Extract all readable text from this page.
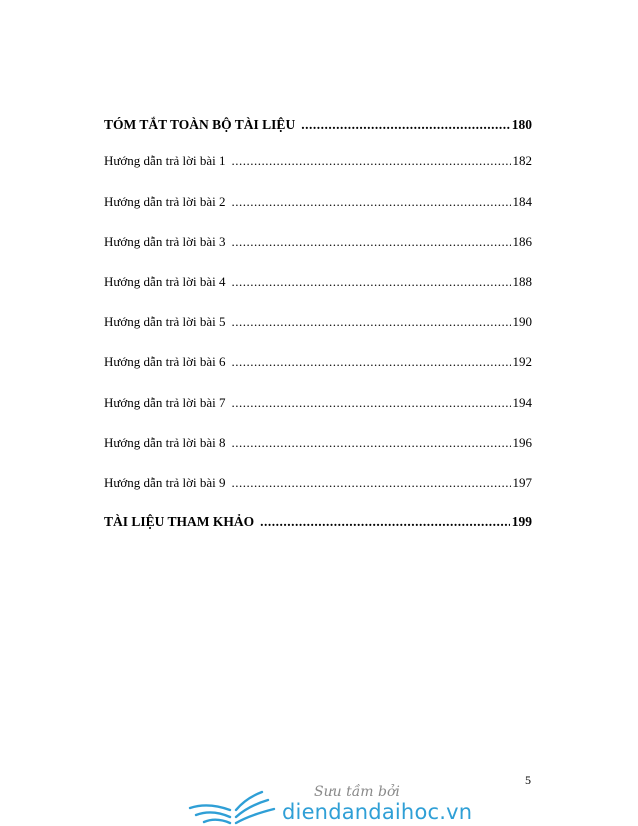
TÓM TẮT TOÀN BỘ TÀI LIỆU .....	180
Hướng dẫn trả lời bài 1 .....	182
Hướng dẫn trả lời bài 2 .....	184
Hướng dẫn trả lời bài 3 .....	186
Hướng dẫn trả lời bài 4 .....	188
Hướng dẫn trả lời bài 5 .....	190
Hướng dẫn trả lời bài 6 .....	192
Hướng dẫn trả lời bài 7 .....	194
Hướng dẫn trả lời bài 8 .....	196
Hướng dẫn trả lời bài 9 .....	197
TÀI LIỆU THAM KHẢO .....	199
5
Sưu tầm bởi
diendandaihoc.vn
